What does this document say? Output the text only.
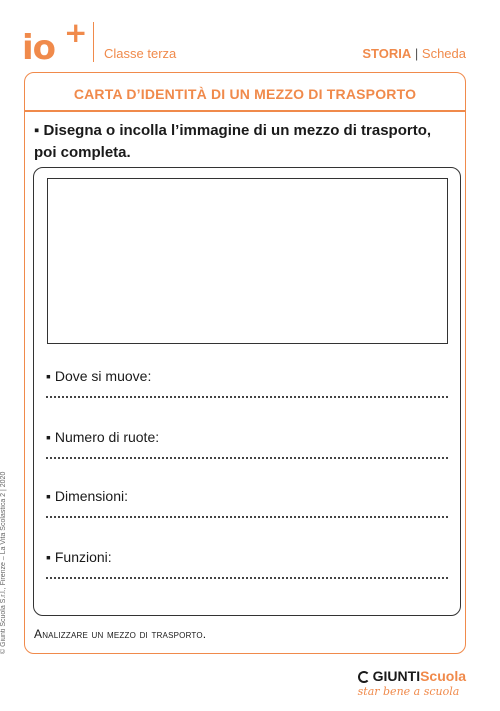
io +
Classe terza	STORIA | Scheda
CARTA D’IDENTITÀ DI UN MEZZO DI TRASPORTO
▪ Disegna o incolla l’immagine di un mezzo di trasporto, poi completa.
▪ Dove si muove:
▪ Numero di ruote:
▪ Dimensioni:
▪ Funzioni:
Analizzare un mezzo di trasporto.
© Giunti Scuola S.r.l., Firenze – La Vita Scolastica 2 | 2020
GIUNTIScuola
star bene a scuola
